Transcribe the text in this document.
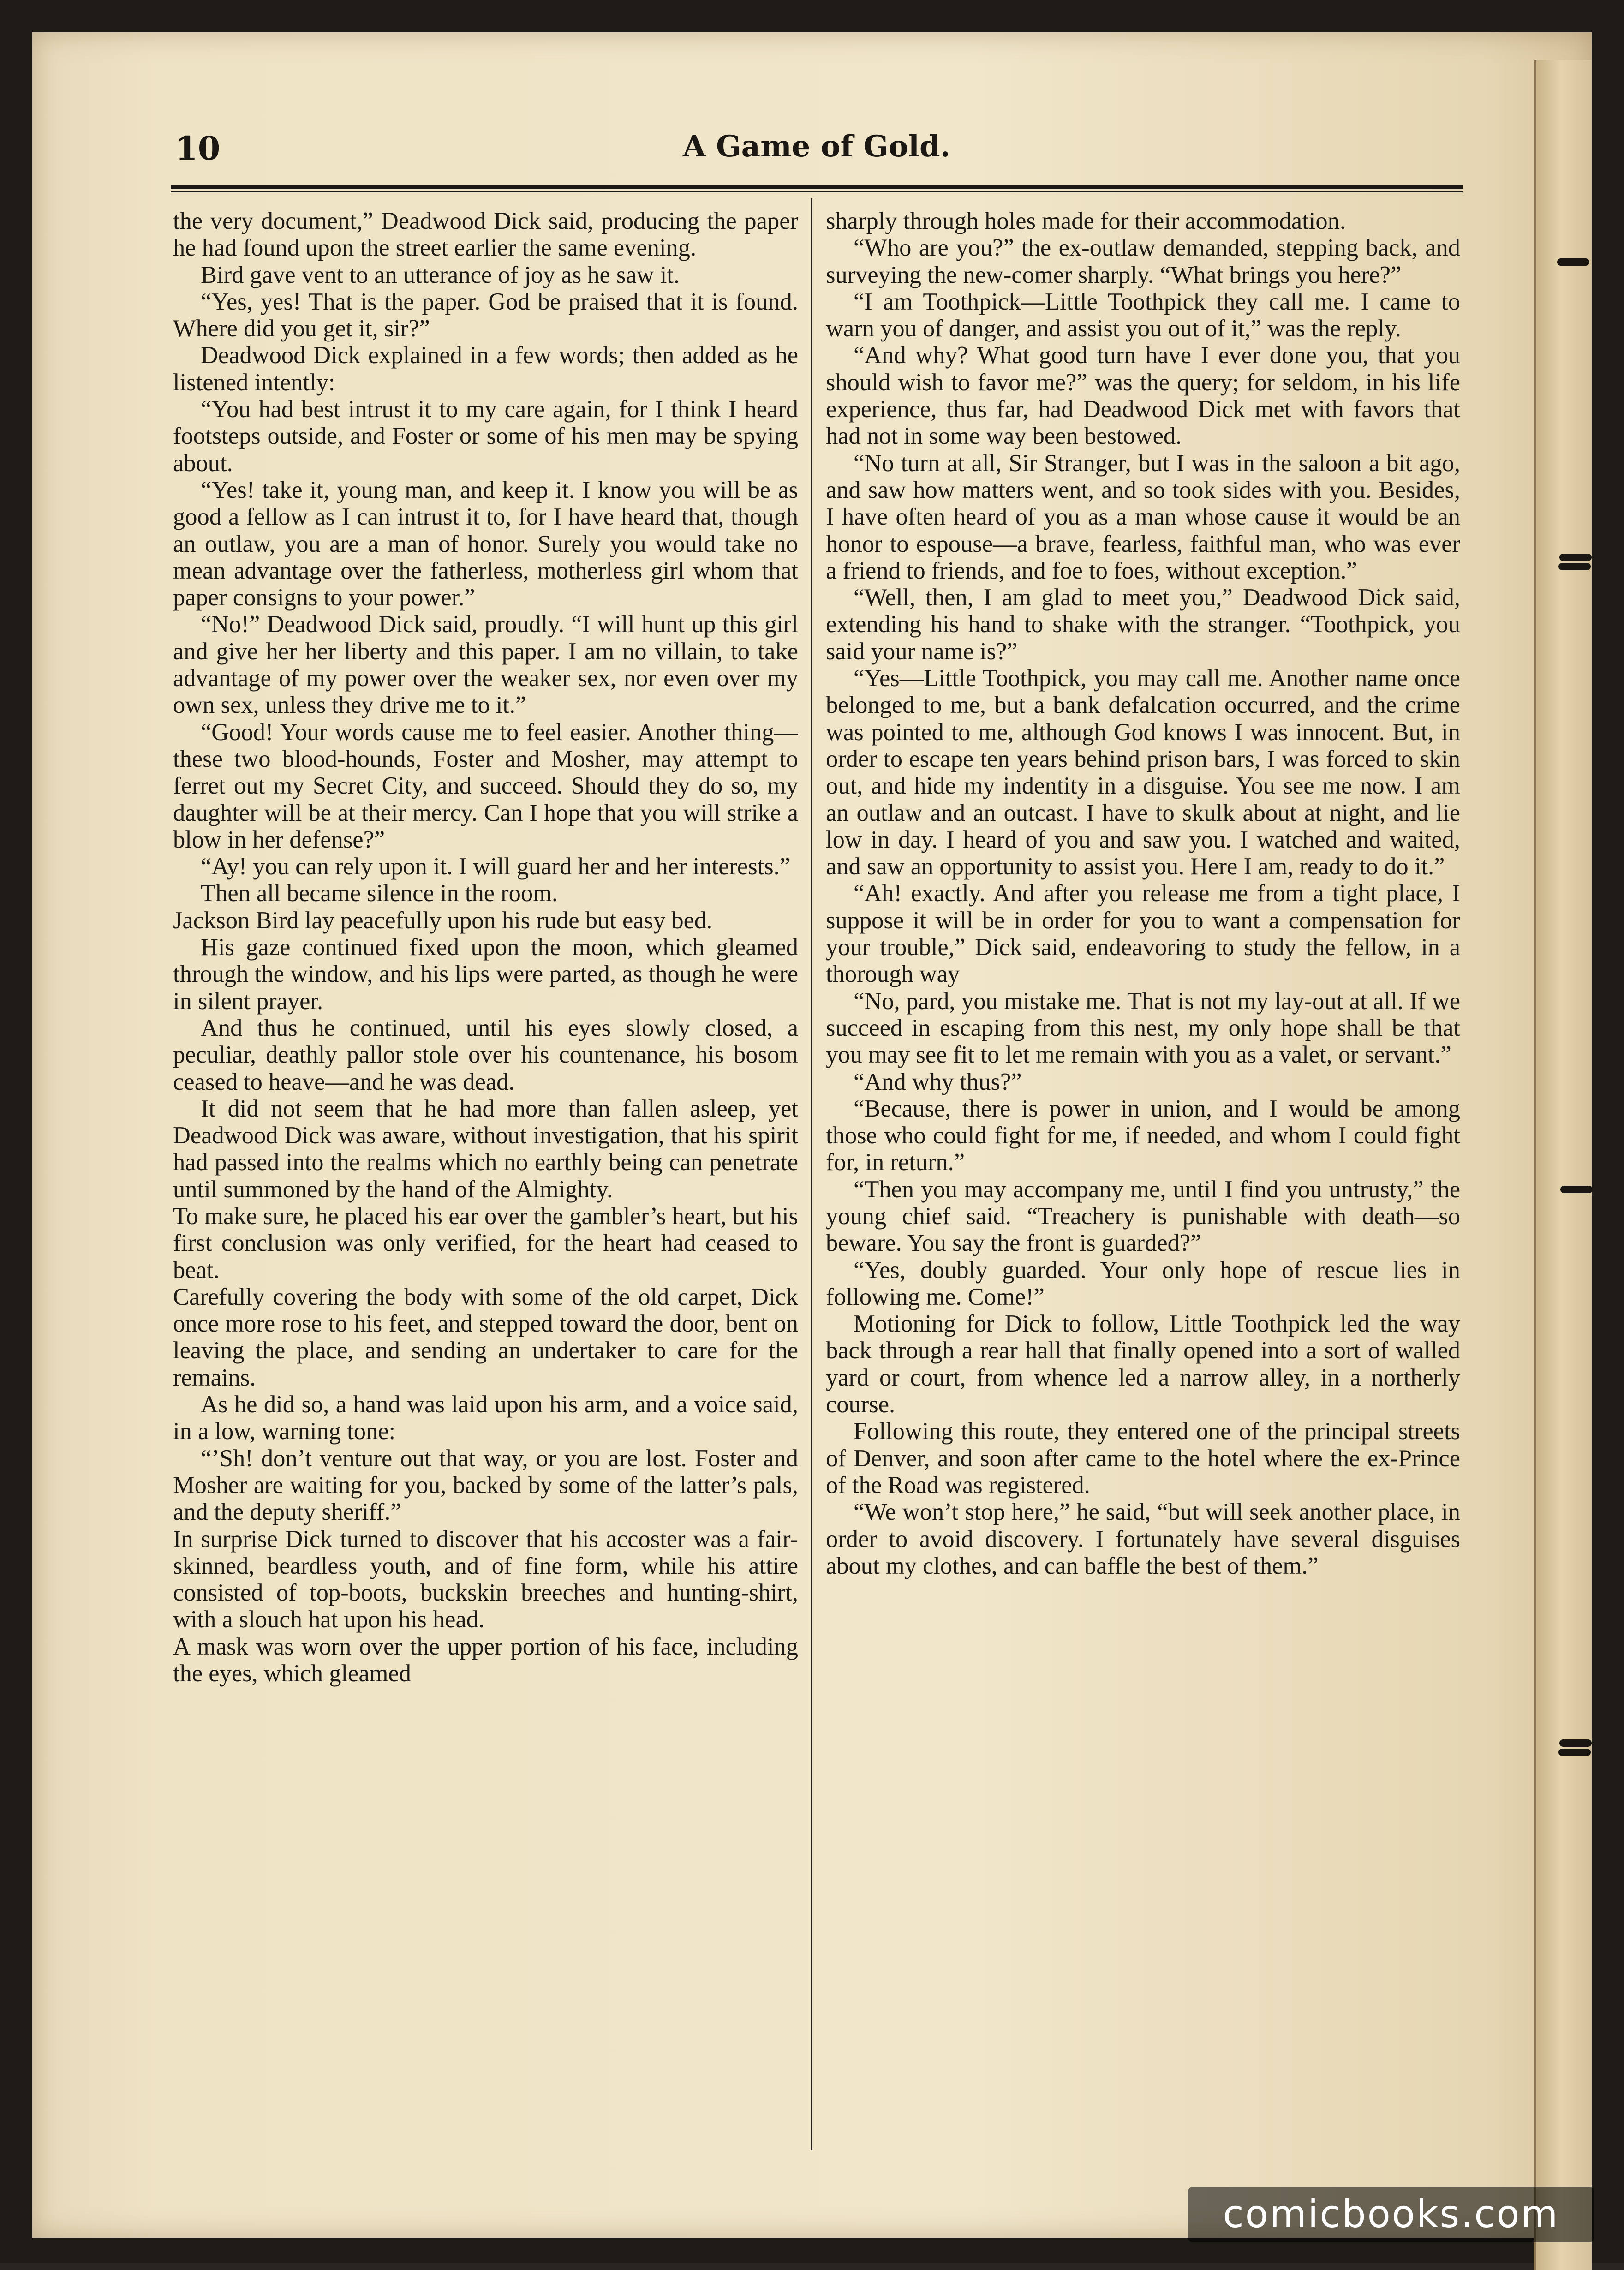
10	A Game of Gold.

the very document,” Deadwood Dick said, producing the paper he had found upon the street earlier the same evening.

Bird gave vent to an utterance of joy as he saw it.

“Yes, yes! That is the paper. God be praised that it is found. Where did you get it, sir?”

Deadwood Dick explained in a few words; then added as he listened intently:

“You had best intrust it to my care again, for I think I heard footsteps outside, and Foster or some of his men may be spying about.

“Yes! take it, young man, and keep it. I know you will be as good a fellow as I can intrust it to, for I have heard that, though an outlaw, you are a man of honor. Surely you would take no mean advantage over the fatherless, motherless girl whom that paper consigns to your power.”

“No!” Deadwood Dick said, proudly. “I will hunt up this girl and give her her liberty and this paper. I am no villain, to take advantage of my power over the weaker sex, nor even over my own sex, unless they drive me to it.”

“Good! Your words cause me to feel easier. Another thing—these two blood-hounds, Foster and Mosher, may attempt to ferret out my Secret City, and succeed. Should they do so, my daughter will be at their mercy. Can I hope that you will strike a blow in her defense?”

“Ay! you can rely upon it. I will guard her and her interests.”

Then all became silence in the room.

Jackson Bird lay peacefully upon his rude but easy bed.

His gaze continued fixed upon the moon, which gleamed through the window, and his lips were parted, as though he were in silent prayer.

And thus he continued, until his eyes slowly closed, a peculiar, deathly pallor stole over his countenance, his bosom ceased to heave—and he was dead.

It did not seem that he had more than fallen asleep, yet Deadwood Dick was aware, without investigation, that his spirit had passed into the realms which no earthly being can penetrate until summoned by the hand of the Almighty.

To make sure, he placed his ear over the gambler’s heart, but his first conclusion was only verified, for the heart had ceased to beat.

Carefully covering the body with some of the old carpet, Dick once more rose to his feet, and stepped toward the door, bent on leaving the place, and sending an undertaker to care for the remains.

As he did so, a hand was laid upon his arm, and a voice said, in a low, warning tone:

“’Sh! don’t venture out that way, or you are lost. Foster and Mosher are waiting for you, backed by some of the latter’s pals, and the deputy sheriff.”

In surprise Dick turned to discover that his accoster was a fair-skinned, beardless youth, and of fine form, while his attire consisted of top-boots, buckskin breeches and hunting-shirt, with a slouch hat upon his head.

A mask was worn over the upper portion of his face, including the eyes, which gleamed

sharply through holes made for their accommodation.

“Who are you?” the ex-outlaw demanded, stepping back, and surveying the new-comer sharply. “What brings you here?”

“I am Toothpick—Little Toothpick they call me. I came to warn you of danger, and assist you out of it,” was the reply.

“And why? What good turn have I ever done you, that you should wish to favor me?” was the query; for seldom, in his life experience, thus far, had Deadwood Dick met with favors that had not in some way been bestowed.

“No turn at all, Sir Stranger, but I was in the saloon a bit ago, and saw how matters went, and so took sides with you. Besides, I have often heard of you as a man whose cause it would be an honor to espouse—a brave, fearless, faithful man, who was ever a friend to friends, and foe to foes, without exception.”

“Well, then, I am glad to meet you,” Deadwood Dick said, extending his hand to shake with the stranger. “Toothpick, you said your name is?”

“Yes—Little Toothpick, you may call me. Another name once belonged to me, but a bank defalcation occurred, and the crime was pointed to me, although God knows I was innocent. But, in order to escape ten years behind prison bars, I was forced to skin out, and hide my indentity in a disguise. You see me now. I am an outlaw and an outcast. I have to skulk about at night, and lie low in day. I heard of you and saw you. I watched and waited, and saw an opportunity to assist you. Here I am, ready to do it.”

“Ah! exactly. And after you release me from a tight place, I suppose it will be in order for you to want a compensation for your trouble,” Dick said, endeavoring to study the fellow, in a thorough way

“No, pard, you mistake me. That is not my lay-out at all. If we succeed in escaping from this nest, my only hope shall be that you may see fit to let me remain with you as a valet, or servant.”

“And why thus?”

“Because, there is power in union, and I would be among those who could fight for me, if needed, and whom I could fight for, in return.”

“Then you may accompany me, until I find you untrusty,” the young chief said. “Treachery is punishable with death—so beware. You say the front is guarded?”

“Yes, doubly guarded. Your only hope of rescue lies in following me. Come!”

Motioning for Dick to follow, Little Toothpick led the way back through a rear hall that finally opened into a sort of walled yard or court, from whence led a narrow alley, in a northerly course.

Following this route, they entered one of the principal streets of Denver, and soon after came to the hotel where the ex-Prince of the Road was registered.

“We won’t stop here,” he said, “but will seek another place, in order to avoid discovery. I fortunately have several disguises about my clothes, and can baffle the best of them.”

comicbooks.com
